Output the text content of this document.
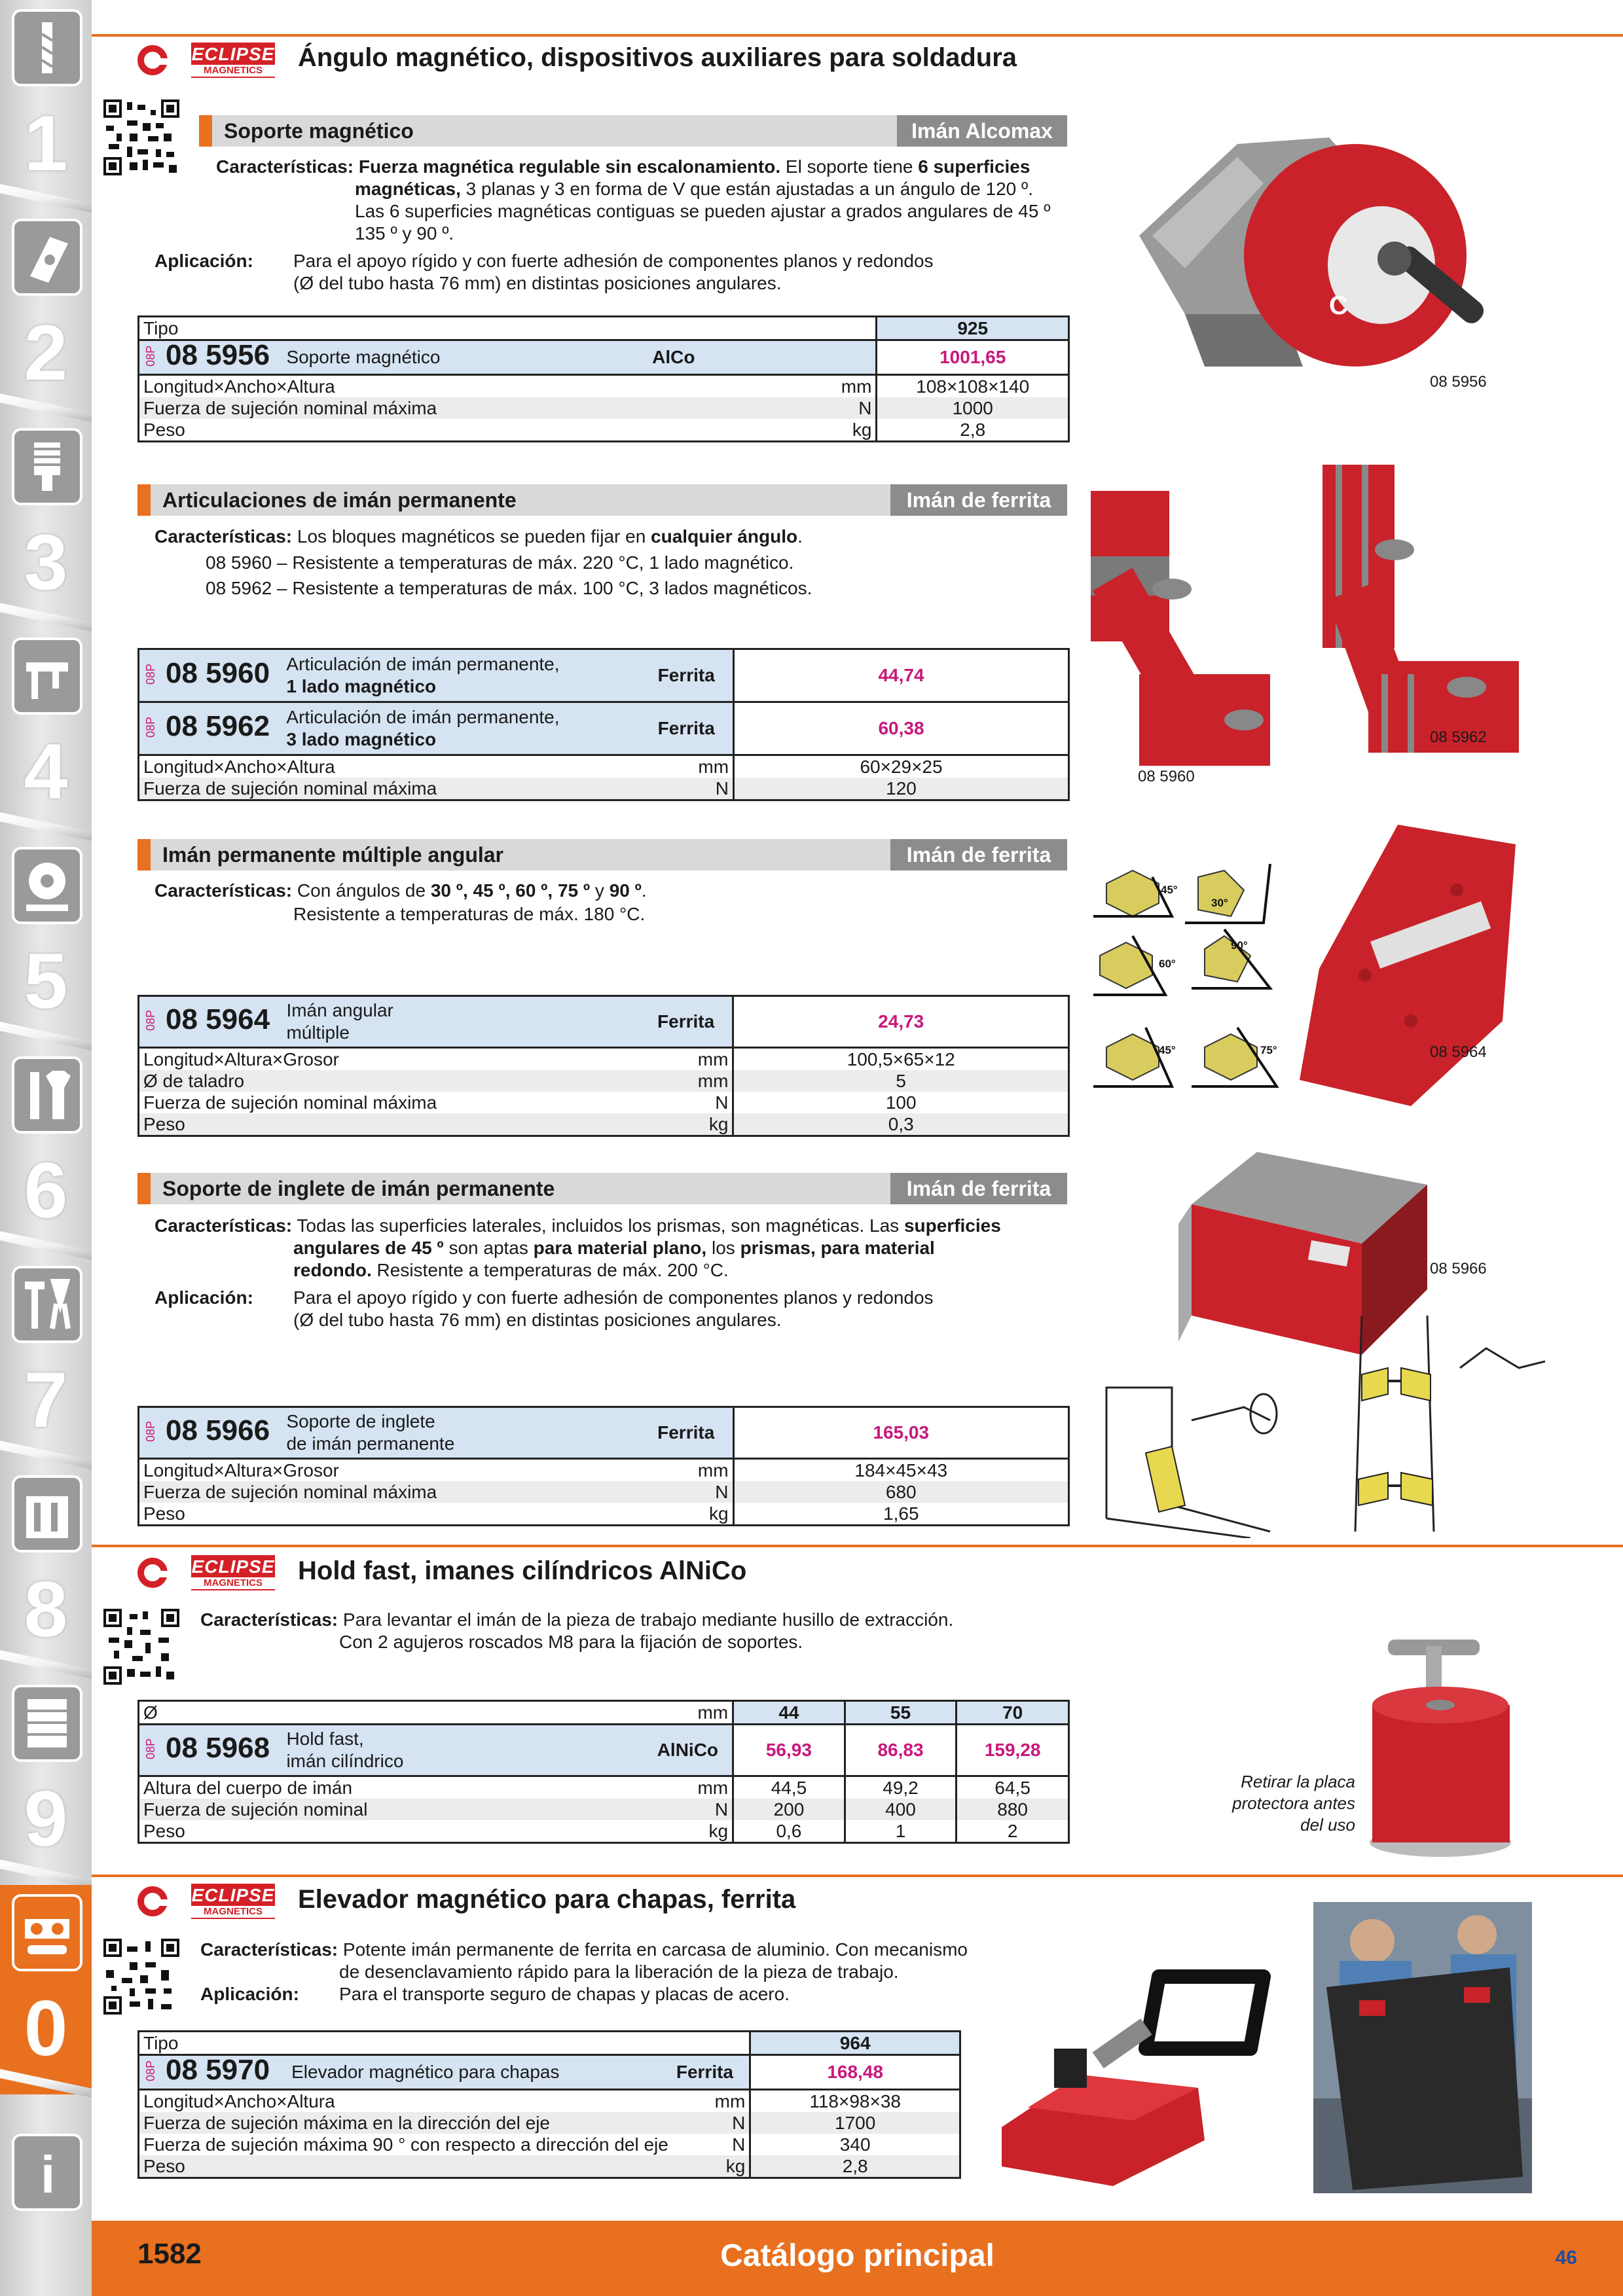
1
2
3
4
5
6
7
8
9
0
i
ECLIPSE
MAGNETICS	Ángulo magnético, dispositivos auxiliares para soldadura
Soporte magnético	Imán Alcomax
Características: Fuerza magnética regulable sin escalonamiento. El soporte tiene 6 superficies
magnéticas, 3 planas y 3 en forma de V que están ajustadas a un ángulo de 120 º.
Las 6 superficies magnéticas contiguas se pueden ajustar a grados angulares de 45 º
135 º y 90 º.
Aplicación: Para el apoyo rígido y con fuerte adhesión de componentes planos y redondos
(Ø del tubo hasta 76 mm) en distintas posiciones angulares.
Tipo			925
08P 08 5956	Soporte magnético	AlCo	1001,65
Longitud×Ancho×Altura		mm	108×108×140
Fuerza de sujeción nominal máxima		N	1000
Peso		kg	2,8
C
08 5956
Articulaciones de imán permanente	Imán de ferrita
Características: Los bloques magnéticos se pueden fijar en cualquier ángulo.
08 5960 – Resistente a temperaturas de máx. 220 °C, 1 lado magnético.
08 5962 – Resistente a temperaturas de máx. 100 °C, 3 lados magnéticos.
08P 08 5960	Articulación de imán permanente,
1 lado magnético	Ferrita	44,74
08P 08 5962	Articulación de imán permanente,
3 lado magnético	Ferrita	60,38
Longitud×Ancho×Altura		mm	60×29×25
Fuerza de sujeción nominal máxima		N	120
08 5960
08 5962
Imán permanente múltiple angular	Imán de ferrita
Características: Con ángulos de 30 º, 45 º, 60 º, 75 º y 90 º.
Resistente a temperaturas de máx. 180 °C.
08P 08 5964	Imán angular
múltiple	Ferrita	24,73
Longitud×Altura×Grosor		mm	100,5×65×12
Ø de taladro		mm	5
Fuerza de sujeción nominal máxima		N	100
Peso		kg	0,3
45°
30°
60°
90°
45°	75°	08 5964
Soporte de inglete de imán permanente	Imán de ferrita
Características: Todas las superficies laterales, incluidos los prismas, son magnéticas. Las superficies
angulares de 45 º son aptas para material plano, los prismas, para material
redondo. Resistente a temperaturas de máx. 200 °C.
Aplicación: Para el apoyo rígido y con fuerte adhesión de componentes planos y redondos
(Ø del tubo hasta 76 mm) en distintas posiciones angulares.
08P 08 5966	Soporte de inglete
de imán permanente	Ferrita	165,03
Longitud×Altura×Grosor		mm	184×45×43
Fuerza de sujeción nominal máxima		N	680
Peso		kg	1,65
08 5966
ECLIPSE
MAGNETICS	Hold fast, imanes cilíndricos AlNiCo
Características: Para levantar el imán de la pieza de trabajo mediante husillo de extracción.
Con 2 agujeros roscados M8 para la fijación de soportes.
Ø		mm	44	55	70
08P 08 5968	Hold fast,
imán cilíndrico	AlNiCo	56,93	86,83	159,28
Altura del cuerpo de imán		mm	44,5	49,2	64,5
Fuerza de sujeción nominal		N	200	400	880
Peso		kg	0,6	1	2
Retirar la placa
protectora antes
del uso
ECLIPSE
MAGNETICS	Elevador magnético para chapas, ferrita
Características: Potente imán permanente de ferrita en carcasa de aluminio. Con mecanismo
de desenclavamiento rápido para la liberación de la pieza de trabajo.
Aplicación: Para el transporte seguro de chapas y placas de acero.
Tipo			964
08P 08 5970	Elevador magnético para chapas	Ferrita	168,48
Longitud×Ancho×Altura		mm	118×98×38
Fuerza de sujeción máxima en la dirección del eje		N	1700
Fuerza de sujeción máxima 90 ° con respecto a dirección del eje		N	340
Peso		kg	2,8
1582	Catálogo principal	46
